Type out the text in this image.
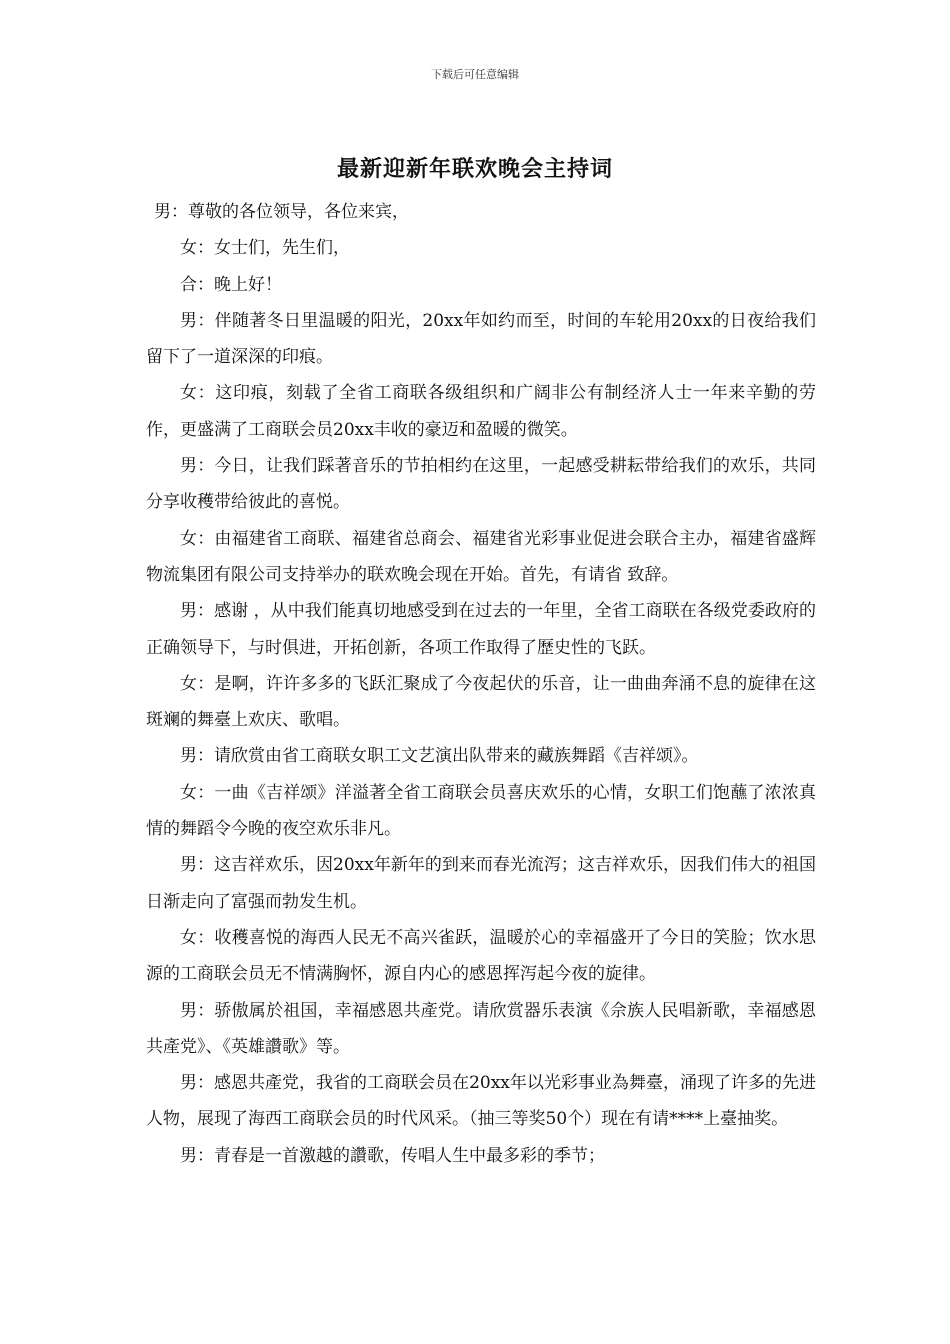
下载后可任意编辑
最新迎新年联欢晚会主持词

男：尊敬的各位领导，各位来宾，

女：女士们，先生们，

合：晚上好！

男：伴随著冬日里温暖的阳光，20xx年如约而至，时间的车轮用20xx的日夜给我们留下了一道深深的印痕。

女：这印痕，刻载了全省工商联各级组织和广阔非公有制经济人士一年来辛勤的劳作，更盛满了工商联会员20xx丰收的豪迈和盈暖的微笑。

男：今日，让我们踩著音乐的节拍相约在这里，一起感受耕耘带给我们的欢乐，共同分享收穫带给彼此的喜悦。

女：由福建省工商联、福建省总商会、福建省光彩事业促进会联合主办，福建省盛辉物流集团有限公司支持举办的联欢晚会现在开始。首先，有请省 致辞。

男：感谢 ，从中我们能真切地感受到在过去的一年里，全省工商联在各级党委政府的正确领导下，与时俱进，开拓创新，各项工作取得了歷史性的飞跃。

女：是啊，许许多多的飞跃汇聚成了今夜起伏的乐音，让一曲曲奔涌不息的旋律在这斑斓的舞臺上欢庆、歌唱。

男：请欣赏由省工商联女职工文艺演出队带来的藏族舞蹈《吉祥颂》。

女：一曲《吉祥颂》洋溢著全省工商联会员喜庆欢乐的心情，女职工们饱蘸了浓浓真情的舞蹈令今晚的夜空欢乐非凡。

男：这吉祥欢乐，因20xx年新年的到来而春光流泻；这吉祥欢乐，因我们伟大的祖国日渐走向了富强而勃发生机。

女：收穫喜悦的海西人民无不高兴雀跃，温暖於心的幸福盛开了今日的笑脸；饮水思源的工商联会员无不情满胸怀，源自内心的感恩挥泻起今夜的旋律。

男：骄傲属於祖国，幸福感恩共產党。请欣赏器乐表演《佘族人民唱新歌，幸福感恩共產党》、《英雄讚歌》等。

男：感恩共產党，我省的工商联会员在20xx年以光彩事业為舞臺，涌现了许多的先进人物，展现了海西工商联会员的时代风采。（抽三等奖50个）现在有请****上臺抽奖。

男：青春是一首激越的讚歌，传唱人生中最多彩的季节；
